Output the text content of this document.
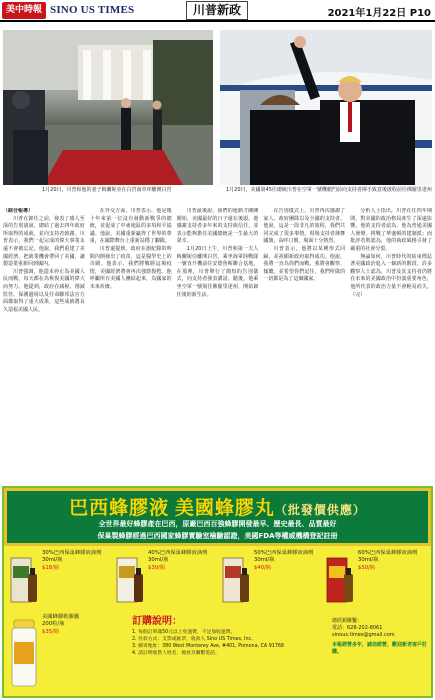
美中時報 SINO US TIMES	川普新政	2021年1月22日 P10
1月20日，川普和他的妻子梅蘭妮亞在白宮南草坪離開白宮	1月20日，美國第45任總統川普在空軍一號機艙門前向支持者揮手致意後啟程前往佛羅里達州

（綜合報導）

川普在卸任之前，發表了感人至深的告別演說，總結了過去四年政府所取得的成就，並向支持者致謝。川普表示，我們一起完成的偉大事業永遠不會被忘記。他說，我們重建了美國經濟，把就業機會帶回了美國，讓製造業重新回到國內。

川普強調，他從未停止為美國人民而戰，每天都在為恢復美國的偉大而努力。他提到，政府在減稅、削減監管、保護邊境以及任命聯邦法官方面都取得了重大成果，這些成就將長久造福美國人民。

在外交方面，川普表示，他是幾十年來第一位沒有發動新戰爭的總統，並促成了中東地區的多項和平協議。他說，美國重新贏得了世界的尊重，在國際舞台上重新站穩了腳跟。

川普還提到，政府在創紀錄的時間內開發出了疫苗，這是醫學史上的奇蹟。他表示，我們將戰勝這場疫情，美國經濟將會再次強勁復甦。他呼籲所有美國人團結起來，為國家的未來祈禱。

川普最後說，我們的運動才剛剛開始，美國最好的日子還在後頭。他感謝支持者多年來的支持與信任，並表示能夠擔任美國總統是一生最大的榮幸。

1月20日上午，川普和第一夫人梅蘭妮亞離開白宮，乘坐海軍陸戰隊一號直升機前往安德魯斯聯合基地。在那裡，川普舉行了簡短的告別儀式，向支持者發表講話。隨後，他乘坐空軍一號飛往佛羅里達州，開始卸任後的新生活。

在告別儀式上，川普再次感謝了家人、政府團隊以及全國的支持者。他說，這是一段非凡的旅程，我們共同完成了很多事情。現場支持者揮舞國旗，高呼口號，場面十分熱烈。

川普表示，他將以某種形式回歸，並祝願新政府取得成功。他說，我將一直為你們而戰，我將會觀察、傾聽，並希望你們記住，我們所做的一切都是為了這個國家。

分析人士指出，川普在任四年期間，對美國的政治格局產生了深遠影響。他的支持者認為，他為普通美國人發聲，挑戰了華盛頓的建制派；而批評者則認為，他的執政風格引發了嚴重的社會分裂。

無論如何，川普時代的結束標誌著美國政治進入一個新的階段。許多觀察人士認為，川普及其支持者仍將在未來的美國政治中扮演重要角色，他所代表的政治力量不會輕易消失。（完）

巴西蜂膠液 美國蜂膠丸（批發價供應）
全世界最好蜂膠產在巴西，原廠巴西百強蜂膠開發最早、歷史最長、品質最好
保巢製蜂膠經過巴西國家蜂膠實驗室檢驗認證，美國FDA等權威機構登記註冊
30%巴西保巢蜂膠液滴劑
30ml/瓶
$18/瓶
40%巴西保巢蜂膠液滴劑
30ml/瓶
$30/瓶
50%巴西保巢蜂膠液滴劑
30ml/瓶
$40/瓶
60%巴西保巢蜂膠液滴劑
30ml/瓶
$50/瓶
美國蜂膠軟膠囊
200粒/瓶
$35/瓶
訂購說明：
1. 每個訂單滿50元以上免運費，不足加收運費。
2. 付款方式：支票或匯票，收款人 Sino US Times, Inc.
3. 郵寄地址：380 West Monterey Ave, #401, Pomona, CA 91768
4. 請註明收貨人姓名、地址及聯繫電話。
總經銷聯繫：
電話：626-202-8061
sinous.times@gmail.com
本報經營多年，誠信經營，歡迎新老客戶訂購。
